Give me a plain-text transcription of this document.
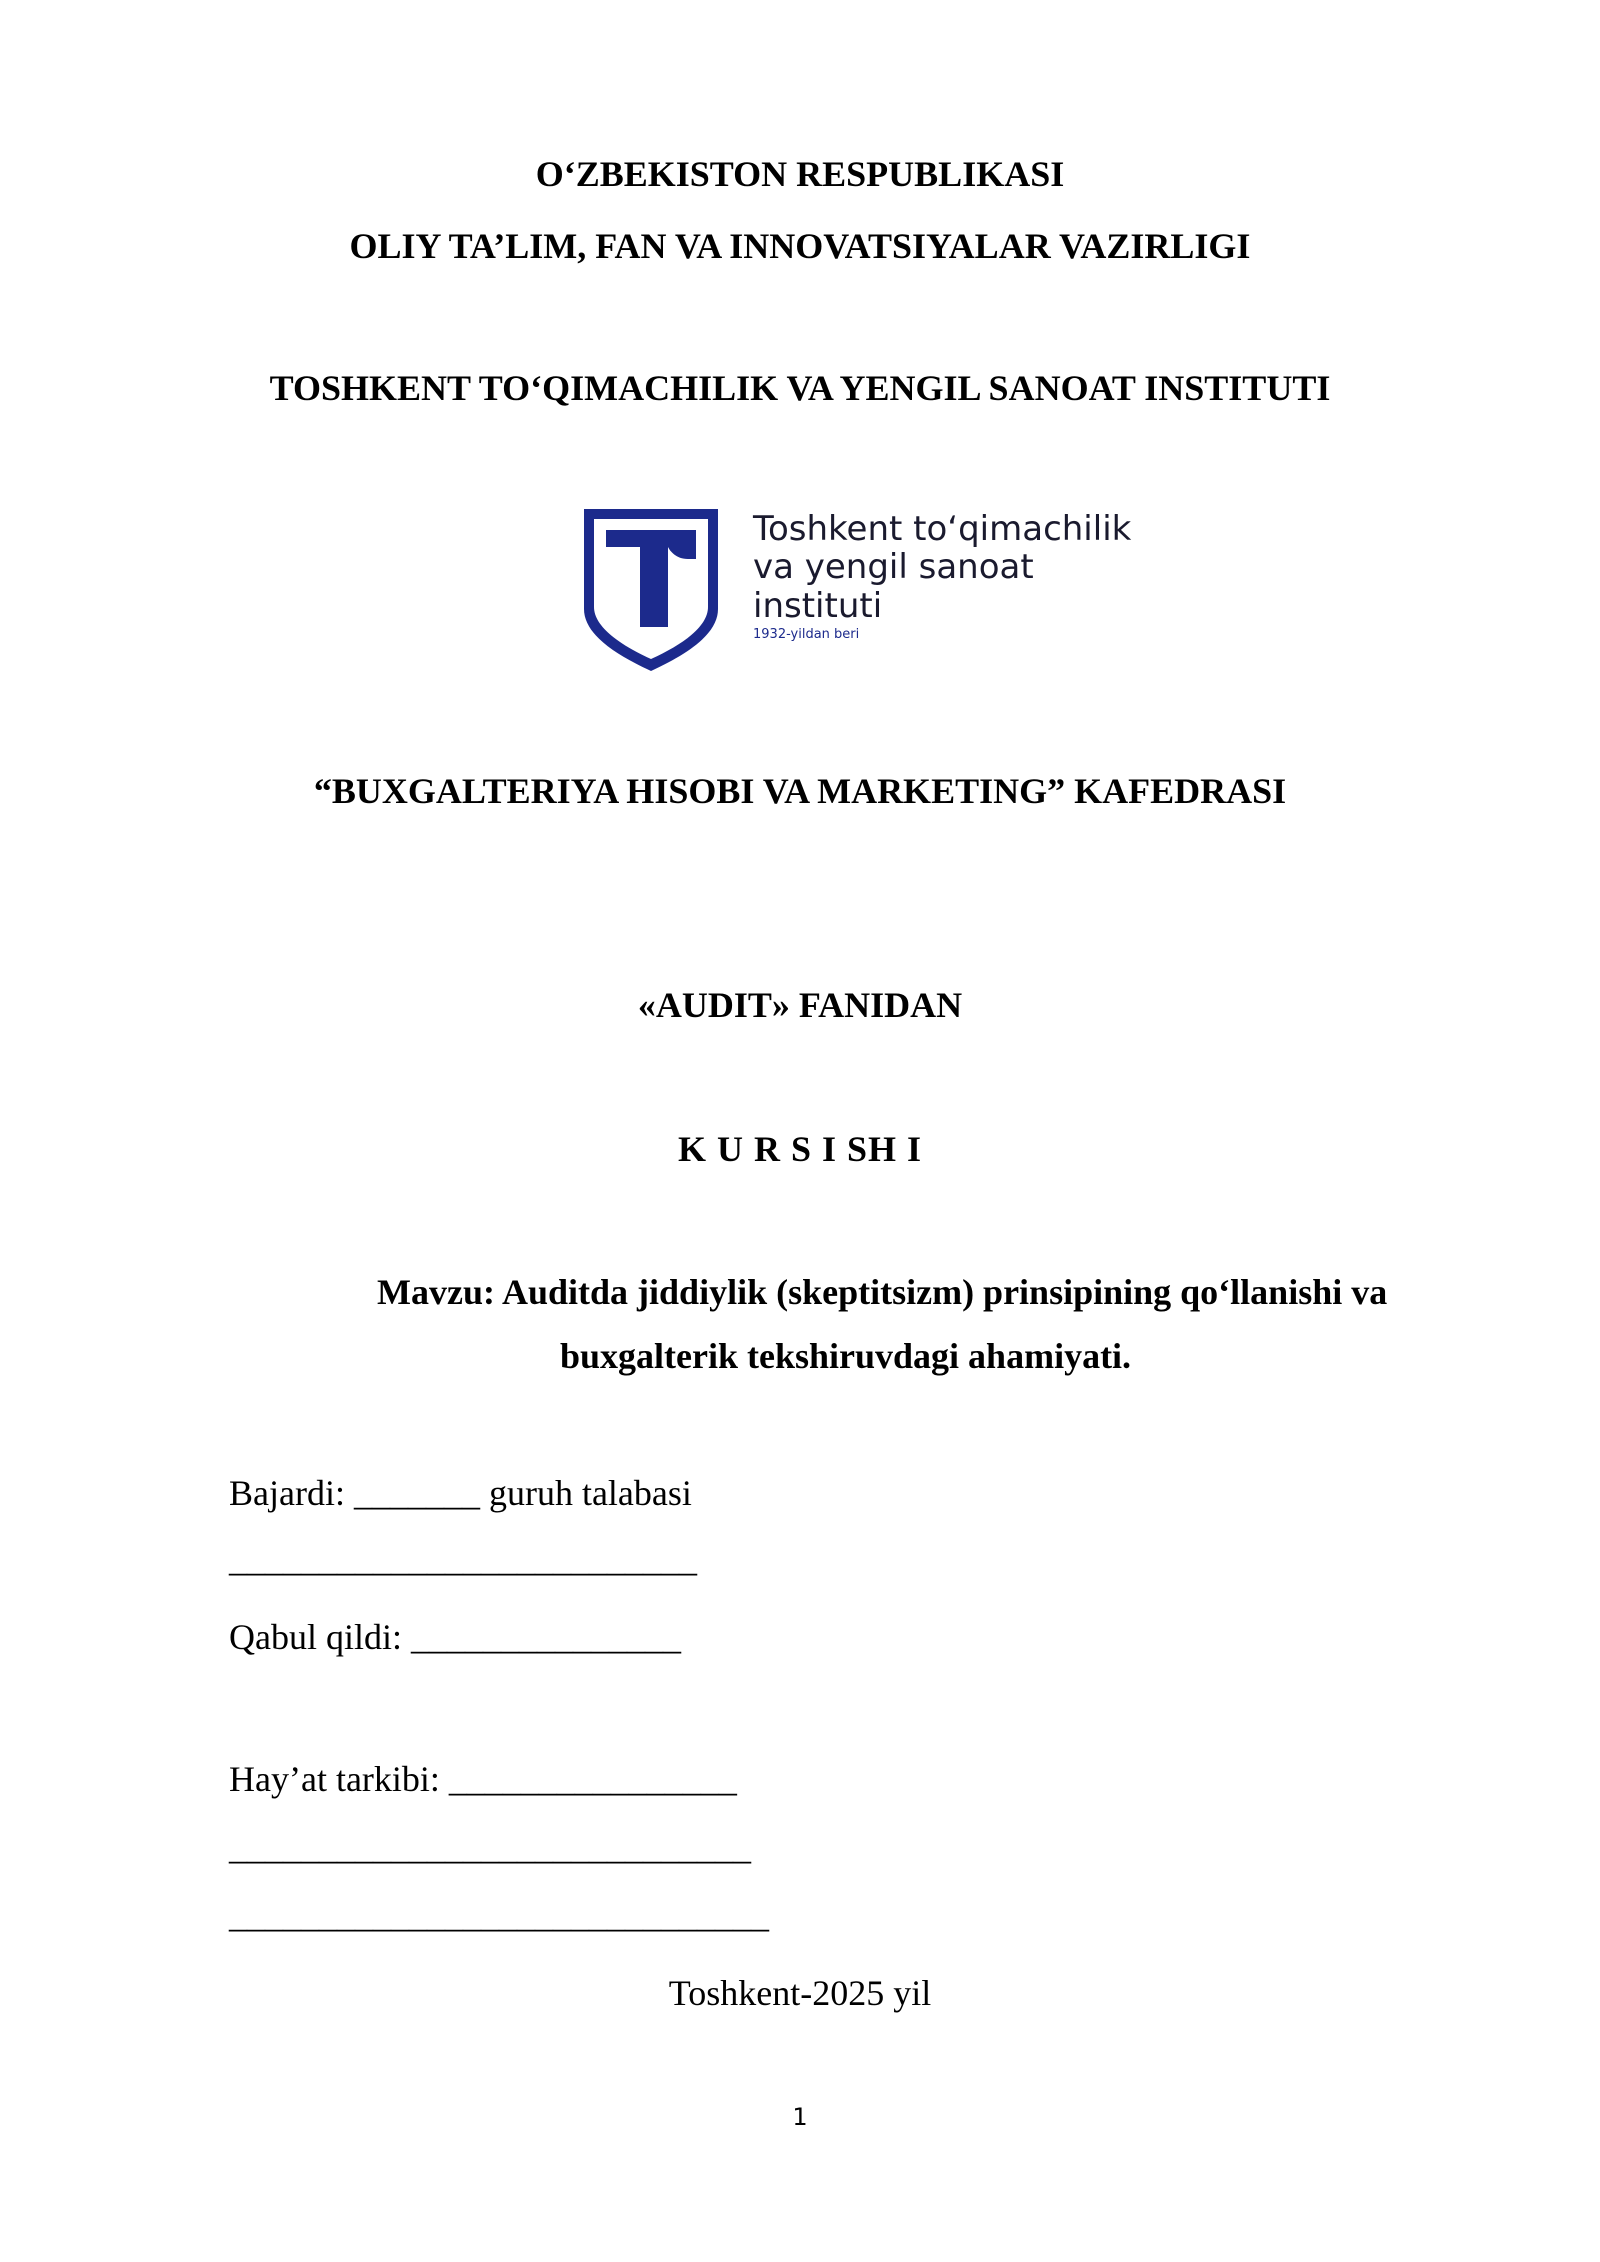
O‘ZBEKISTON RESPUBLIKASI
OLIY TA’LIM, FAN VA INNOVATSIYALAR VAZIRLIGI
TOSHKENT TO‘QIMACHILIK VA YENGIL SANOAT INSTITUTI
Toshkent to‘qimachilik
va yengil sanoat
instituti
1932-yildan beri
“BUXGALTERIYA HISOBI VA MARKETING” KAFEDRASI
«AUDIT» FANIDAN
K U R S I SH I
Mavzu: Auditda jiddiylik (skeptitsizm) prinsipining qo‘llanishi va
buxgalterik tekshiruvdagi ahamiyati.
Bajardi: _______ guruh talabasi
__________________________
Qabul qildi: _______________
Hay’at tarkibi: ________________
_____________________________
______________________________
Toshkent-2025 yil
1
